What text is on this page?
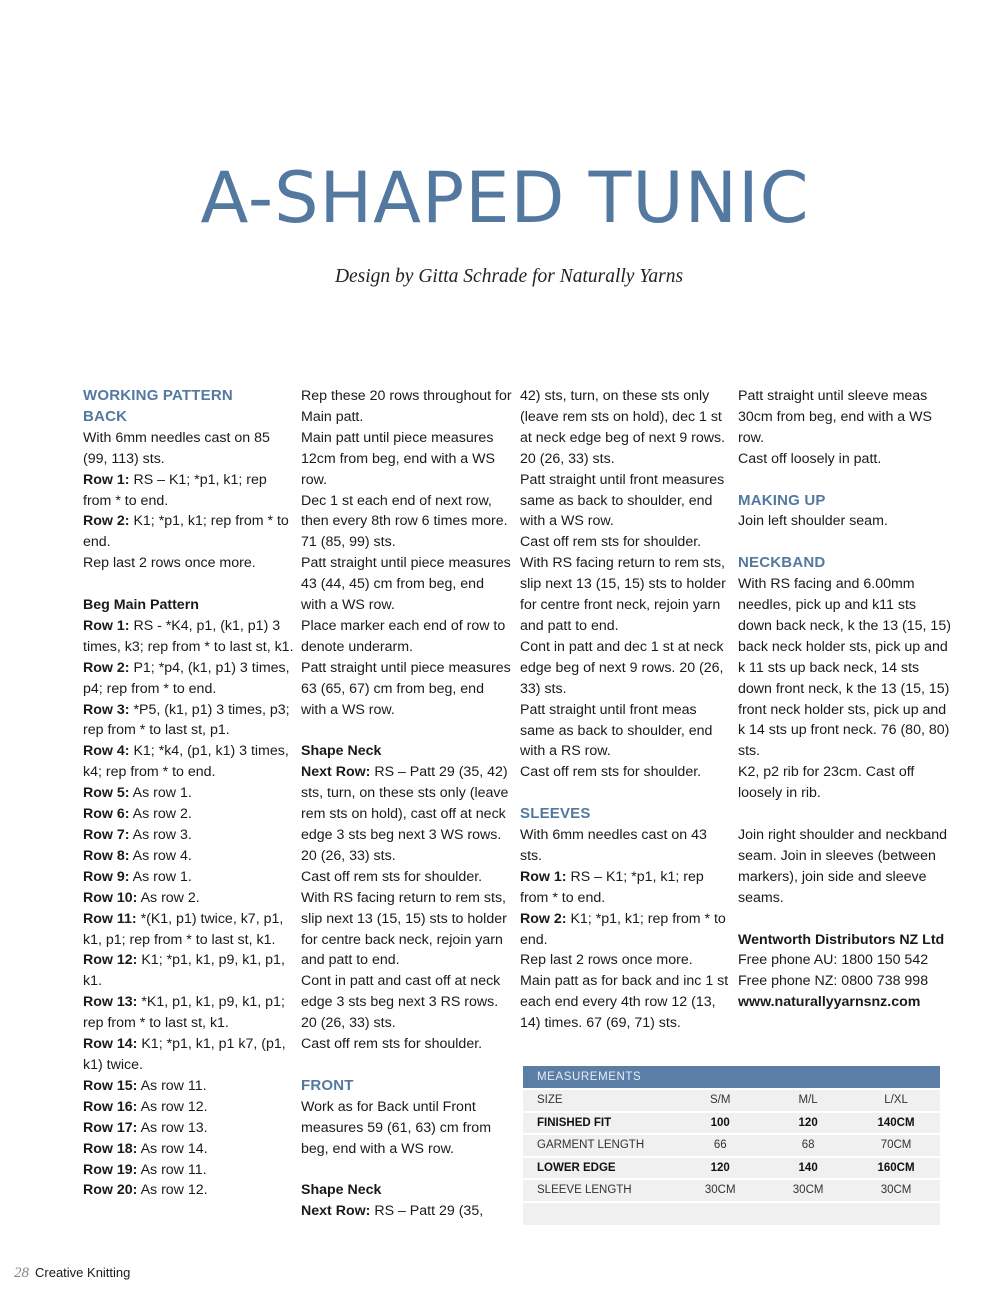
A-SHAPED TUNIC
Design by Gitta Schrade for Naturally Yarns

WORKING PATTERN

BACK

With 6mm needles cast on 85 (99, 113) sts.

Row 1: RS – K1; *p1, k1; rep from * to end.

Row 2: K1; *p1, k1; rep from * to end.

Rep last 2 rows once more.

Beg Main Pattern

Row 1: RS - *K4, p1, (k1, p1) 3 times, k3; rep from * to last st, k1.

Row 2: P1; *p4, (k1, p1) 3 times, p4; rep from * to end.

Row 3: *P5, (k1, p1) 3 times, p3; rep from * to last st, p1.

Row 4: K1; *k4, (p1, k1) 3 times, k4; rep from * to end.

Row 5: As row 1.

Row 6: As row 2.

Row 7: As row 3.

Row 8: As row 4.

Row 9: As row 1.

Row 10: As row 2.

Row 11: *(K1, p1) twice, k7, p1, k1, p1; rep from * to last st, k1.

Row 12: K1; *p1, k1, p9, k1, p1, k1.

Row 13: *K1, p1, k1, p9, k1, p1; rep from * to last st, k1.

Row 14: K1; *p1, k1, p1 k7, (p1, k1) twice.

Row 15: As row 11.

Row 16: As row 12.

Row 17: As row 13.

Row 18: As row 14.

Row 19: As row 11.

Row 20: As row 12.

Rep these 20 rows throughout for Main patt.

Main patt until piece measures 12cm from beg, end with a WS row.

Dec 1 st each end of next row, then every 8th row 6 times more. 71 (85, 99) sts.

Patt straight until piece measures 43 (44, 45) cm from beg, end with a WS row.

Place marker each end of row to denote underarm.

Patt straight until piece measures 63 (65, 67) cm from beg, end with a WS row.

Shape Neck

Next Row: RS – Patt 29 (35, 42) sts, turn, on these sts only (leave rem sts on hold), cast off at neck edge 3 sts beg next 3 WS rows. 20 (26, 33) sts.

Cast off rem sts for shoulder.

With RS facing return to rem sts, slip next 13 (15, 15) sts to holder for centre back neck, rejoin yarn and patt to end.

Cont in patt and cast off at neck edge 3 sts beg next 3 RS rows. 20 (26, 33) sts.

Cast off rem sts for shoulder.

FRONT

Work as for Back until Front measures 59 (61, 63) cm from beg, end with a WS row.

Shape Neck

Next Row: RS – Patt 29 (35,

42) sts, turn, on these sts only (leave rem sts on hold), dec 1 st at neck edge beg of next 9 rows. 20 (26, 33) sts.

Patt straight until front measures same as back to shoulder, end with a WS row.

Cast off rem sts for shoulder.

With RS facing return to rem sts, slip next 13 (15, 15) sts to holder for centre front neck, rejoin yarn and patt to end.

Cont in patt and dec 1 st at neck edge beg of next 9 rows. 20 (26, 33) sts.

Patt straight until front meas same as back to shoulder, end with a RS row.

Cast off rem sts for shoulder.

SLEEVES

With 6mm needles cast on 43 sts.

Row 1: RS – K1; *p1, k1; rep from * to end.

Row 2: K1; *p1, k1; rep from * to end.

Rep last 2 rows once more.

Main patt as for back and inc 1 st each end every 4th row 12 (13, 14) times. 67 (69, 71) sts.

Patt straight until sleeve meas 30cm from beg, end with a WS row.

Cast off loosely in patt.

MAKING UP

Join left shoulder seam.

NECKBAND

With RS facing and 6.00mm needles, pick up and k11 sts down back neck, k the 13 (15, 15) back neck holder sts, pick up and k 11 sts up back neck, 14 sts down front neck, k the 13 (15, 15) front neck holder sts, pick up and k 14 sts up front neck. 76 (80, 80) sts.

K2, p2 rib for 23cm. Cast off loosely in rib.

Join right shoulder and neckband seam. Join in sleeves (between markers), join side and sleeve seams.

Wentworth Distributors NZ Ltd

Free phone AU: 1800 150 542

Free phone NZ: 0800 738 998

www.naturallyyarnsnz.com

MEASUREMENTS
SIZE	S/M	M/L	L/XL
FINISHED FIT	100	120	140CM
GARMENT LENGTH	66	68	70CM
LOWER EDGE	120	140	160CM
SLEEVE LENGTH	30CM	30CM	30CM
28 Creative Knitting
